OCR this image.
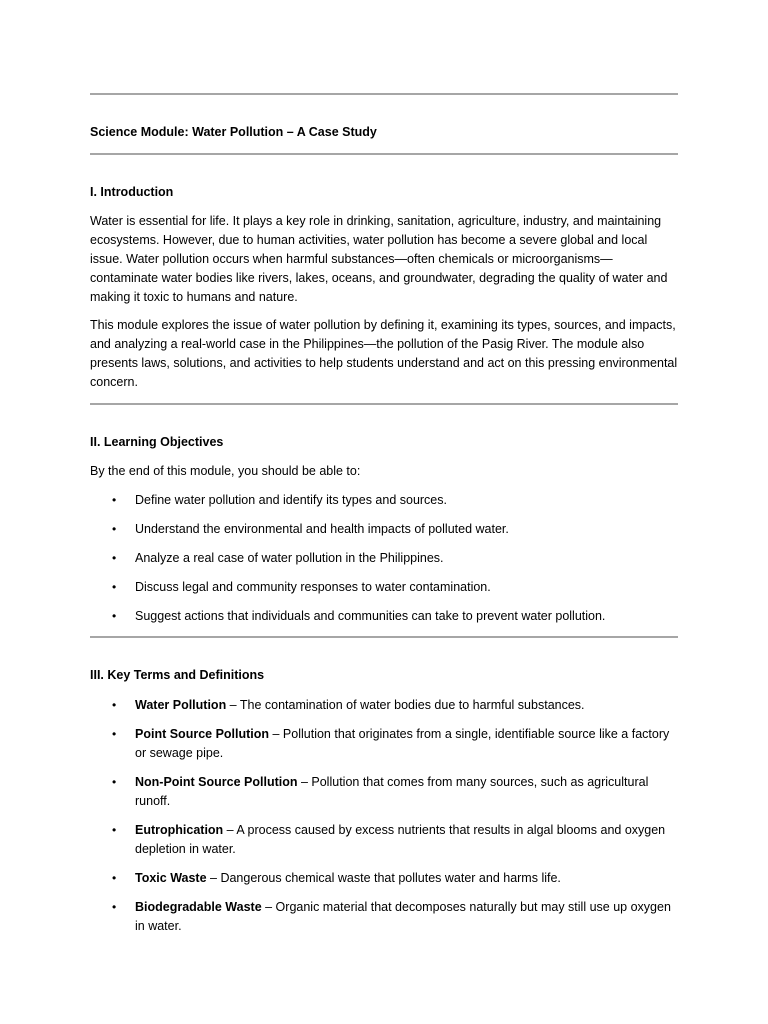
Science Module: Water Pollution – A Case Study

I. Introduction

Water is essential for life. It plays a key role in drinking, sanitation, agriculture, industry, and maintaining ecosystems. However, due to human activities, water pollution has become a severe global and local issue. Water pollution occurs when harmful substances—often chemicals or microorganisms—contaminate water bodies like rivers, lakes, oceans, and groundwater, degrading the quality of water and making it toxic to humans and nature.

This module explores the issue of water pollution by defining it, examining its types, sources, and impacts, and analyzing a real-world case in the Philippines—the pollution of the Pasig River. The module also presents laws, solutions, and activities to help students understand and act on this pressing environmental concern.

II. Learning Objectives

By the end of this module, you should be able to:

• Define water pollution and identify its types and sources.
• Understand the environmental and health impacts of polluted water.
• Analyze a real case of water pollution in the Philippines.
• Discuss legal and community responses to water contamination.
• Suggest actions that individuals and communities can take to prevent water pollution.

III. Key Terms and Definitions

• Water Pollution – The contamination of water bodies due to harmful substances.
• Point Source Pollution – Pollution that originates from a single, identifiable source like a factory or sewage pipe.
• Non-Point Source Pollution – Pollution that comes from many sources, such as agricultural runoff.
• Eutrophication – A process caused by excess nutrients that results in algal blooms and oxygen depletion in water.
• Toxic Waste – Dangerous chemical waste that pollutes water and harms life.
• Biodegradable Waste – Organic material that decomposes naturally but may still use up oxygen in water.
